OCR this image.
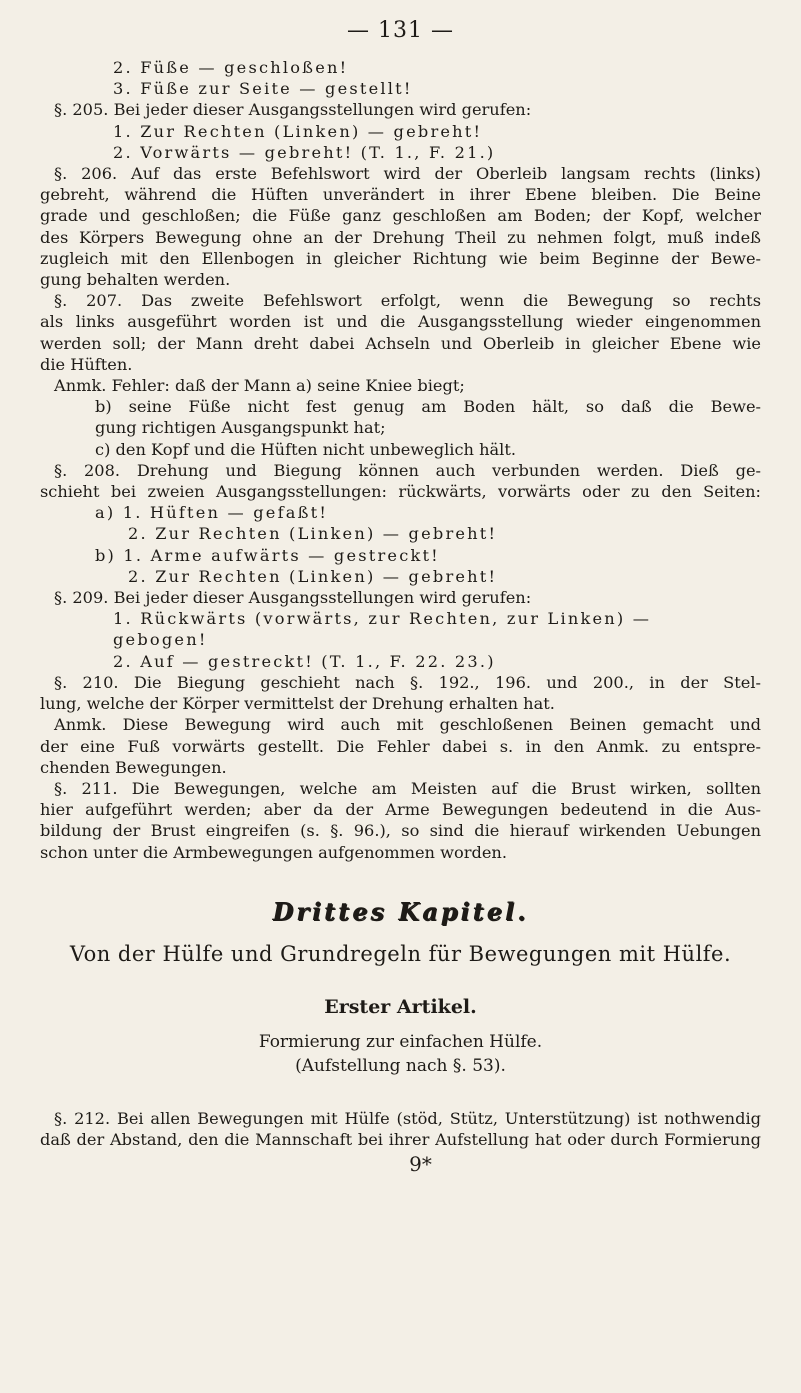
— 131 —
2. Füße — geschloßen!
3. Füße zur Seite — gestellt!
§. 205. Bei jeder dieser Ausgangsstellungen wird gerufen:
1. Zur Rechten (Linken) — gebreht!
2. Vorwärts — gebreht! (T. 1., F. 21.)
§. 206. Auf das erste Befehlswort wird der Oberleib langsam rechts (links)
gebreht, während die Hüften unverändert in ihrer Ebene bleiben. Die Beine
grade und geschloßen; die Füße ganz geschloßen am Boden; der Kopf, welcher
des Körpers Bewegung ohne an der Drehung Theil zu nehmen folgt, muß indeß
zugleich mit den Ellenbogen in gleicher Richtung wie beim Beginne der Bewe-
gung behalten werden.
§. 207. Das zweite Befehlswort erfolgt, wenn die Bewegung so rechts
als links ausgeführt worden ist und die Ausgangsstellung wieder eingenommen
werden soll; der Mann dreht dabei Achseln und Oberleib in gleicher Ebene wie
die Hüften.
Anmk. Fehler: daß der Mann a) seine Kniee biegt;
b) seine Füße nicht fest genug am Boden hält, so daß die Bewe-
gung richtigen Ausgangspunkt hat;
c) den Kopf und die Hüften nicht unbeweglich hält.
§. 208. Drehung und Biegung können auch verbunden werden. Dieß ge-
schieht bei zweien Ausgangsstellungen: rückwärts, vorwärts oder zu den Seiten:
a) 1. Hüften — gefaßt!
2. Zur Rechten (Linken) — gebreht!
b) 1. Arme aufwärts — gestreckt!
2. Zur Rechten (Linken) — gebreht!
§. 209. Bei jeder dieser Ausgangsstellungen wird gerufen:
1. Rückwärts (vorwärts, zur Rechten, zur Linken) —
gebogen!
2. Auf — gestreckt! (T. 1., F. 22. 23.)
§. 210. Die Biegung geschieht nach §. 192., 196. und 200., in der Stel-
lung, welche der Körper vermittelst der Drehung erhalten hat.
Anmk. Diese Bewegung wird auch mit geschloßenen Beinen gemacht und
der eine Fuß vorwärts gestellt. Die Fehler dabei s. in den Anmk. zu entspre-
chenden Bewegungen.
§. 211. Die Bewegungen, welche am Meisten auf die Brust wirken, sollten
hier aufgeführt werden; aber da der Arme Bewegungen bedeutend in die Aus-
bildung der Brust eingreifen (s. §. 96.), so sind die hierauf wirkenden Uebungen
schon unter die Armbewegungen aufgenommen worden.
Drittes Kapitel.
Von der Hülfe und Grundregeln für Bewegungen mit Hülfe.
Erster Artikel.
Formierung zur einfachen Hülfe.
(Aufstellung nach §. 53).
§. 212. Bei allen Bewegungen mit Hülfe (stöd, Stütz, Unterstützung) ist nothwendig
daß der Abstand, den die Mannschaft bei ihrer Aufstellung hat oder durch Formierung
9*
